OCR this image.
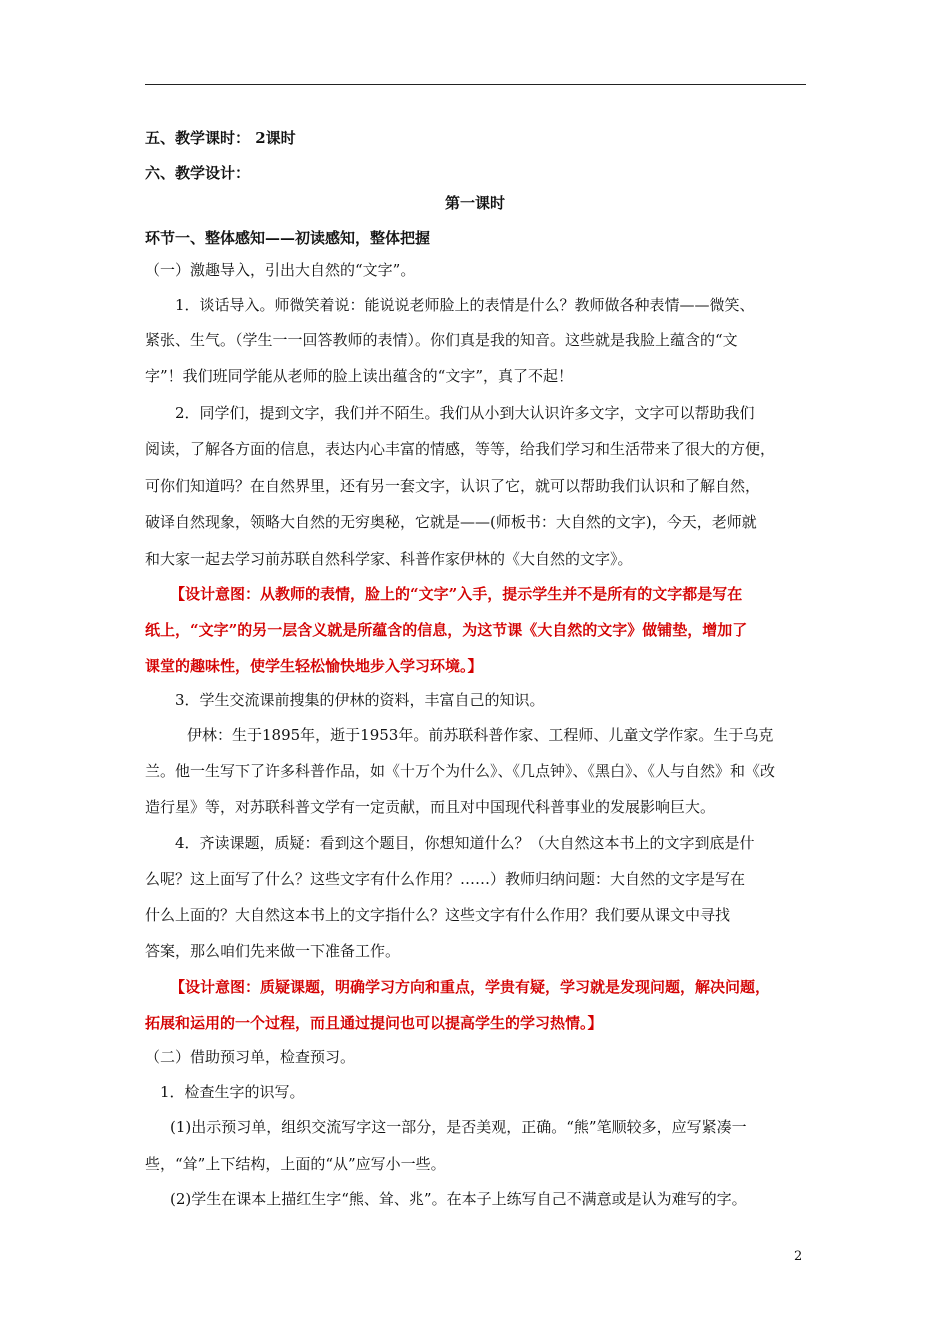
五、教学课时： 2课时
六、教学设计：
第一课时
环节一、整体感知——初读感知，整体把握
（一）激趣导入，引出大自然的“文字”。
1．谈话导入。师微笑着说：能说说老师脸上的表情是什么？教师做各种表情——微笑、
紧张、生气。（学生一一回答教师的表情）。你们真是我的知音。这些就是我脸上蕴含的“文
字”！我们班同学能从老师的脸上读出蕴含的“文字”，真了不起！
2．同学们，提到文字，我们并不陌生。我们从小到大认识许多文字，文字可以帮助我们
阅读，了解各方面的信息，表达内心丰富的情感，等等，给我们学习和生活带来了很大的方便，
可你们知道吗？在自然界里，还有另一套文字，认识了它，就可以帮助我们认识和了解自然，
破译自然现象，领略大自然的无穷奥秘，它就是——(师板书：大自然的文字)，今天，老师就
和大家一起去学习前苏联自然科学家、科普作家伊林的《大自然的文字》。
【设计意图：从教师的表情，脸上的“文字”入手，提示学生并不是所有的文字都是写在
纸上，“文字”的另一层含义就是所蕴含的信息，为这节课《大自然的文字》做铺垫，增加了
课堂的趣味性，使学生轻松愉快地步入学习环境。】
3．学生交流课前搜集的伊林的资料，丰富自己的知识。
伊林：生于1895年，逝于1953年。前苏联科普作家、工程师、儿童文学作家。生于乌克
兰。他一生写下了许多科普作品，如《十万个为什么》、《几点钟》、《黑白》、《人与自然》和《改
造行星》等，对苏联科普文学有一定贡献，而且对中国现代科普事业的发展影响巨大。
4．齐读课题，质疑：看到这个题目，你想知道什么？（大自然这本书上的文字到底是什
么呢？这上面写了什么？这些文字有什么作用？……）教师归纳问题：大自然的文字是写在
什么上面的？大自然这本书上的文字指什么？这些文字有什么作用？我们要从课文中寻找
答案，那么咱们先来做一下准备工作。
【设计意图：质疑课题，明确学习方向和重点，学贵有疑，学习就是发现问题，解决问题，
拓展和运用的一个过程，而且通过提问也可以提高学生的学习热情。】
（二）借助预习单，检查预习。
1．检查生字的识写。
(1)出示预习单，组织交流写字这一部分，是否美观，正确。“熊”笔顺较多，应写紧凑一
些，“耸”上下结构，上面的“从”应写小一些。
(2)学生在课本上描红生字“熊、耸、兆”。在本子上练写自己不满意或是认为难写的字。
2
